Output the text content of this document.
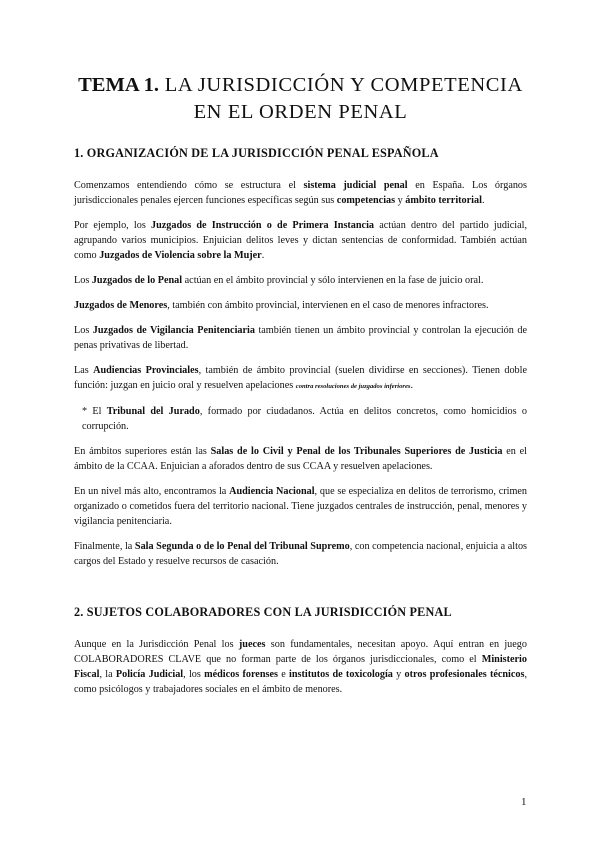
TEMA 1. LA JURISDICCIÓN Y COMPETENCIA
EN EL ORDEN PENAL
1. ORGANIZACIÓN DE LA JURISDICCIÓN PENAL ESPAÑOLA

Comenzamos entendiendo cómo se estructura el sistema judicial penal en España. Los órganos jurisdiccionales penales ejercen funciones específicas según sus competencias y ámbito territorial.

Por ejemplo, los Juzgados de Instrucción o de Primera Instancia actúan dentro del partido judicial, agrupando varios municipios. Enjuician delitos leves y dictan sentencias de conformidad. También actúan como Juzgados de Violencia sobre la Mujer.

Los Juzgados de lo Penal actúan en el ámbito provincial y sólo intervienen en la fase de juicio oral.

Juzgados de Menores, también con ámbito provincial, intervienen en el caso de menores infractores.

Los Juzgados de Vigilancia Penitenciaria también tienen un ámbito provincial y controlan la ejecución de penas privativas de libertad.

Las Audiencias Provinciales, también de ámbito provincial (suelen dividirse en secciones). Tienen doble función: juzgan en juicio oral y resuelven apelaciones contra resoluciones de juzgados inferiores.

* El Tribunal del Jurado, formado por ciudadanos. Actúa en delitos concretos, como homicidios o corrupción.

En ámbitos superiores están las Salas de lo Civil y Penal de los Tribunales Superiores de Justicia en el ámbito de la CCAA. Enjuician a aforados dentro de sus CCAA y resuelven apelaciones.

En un nivel más alto, encontramos la Audiencia Nacional, que se especializa en delitos de terrorismo, crimen organizado o cometidos fuera del territorio nacional. Tiene juzgados centrales de instrucción, penal, menores y vigilancia penitenciaria.

Finalmente, la Sala Segunda o de lo Penal del Tribunal Supremo, con competencia nacional, enjuicia a altos cargos del Estado y resuelve recursos de casación.

2. SUJETOS COLABORADORES CON LA JURISDICCIÓN PENAL

Aunque en la Jurisdicción Penal los jueces son fundamentales, necesitan apoyo. Aquí entran en juego COLABORADORES CLAVE que no forman parte de los órganos jurisdiccionales, como el Ministerio Fiscal, la Policía Judicial, los médicos forenses e institutos de toxicología y otros profesionales técnicos, como psicólogos y trabajadores sociales en el ámbito de menores.

1
